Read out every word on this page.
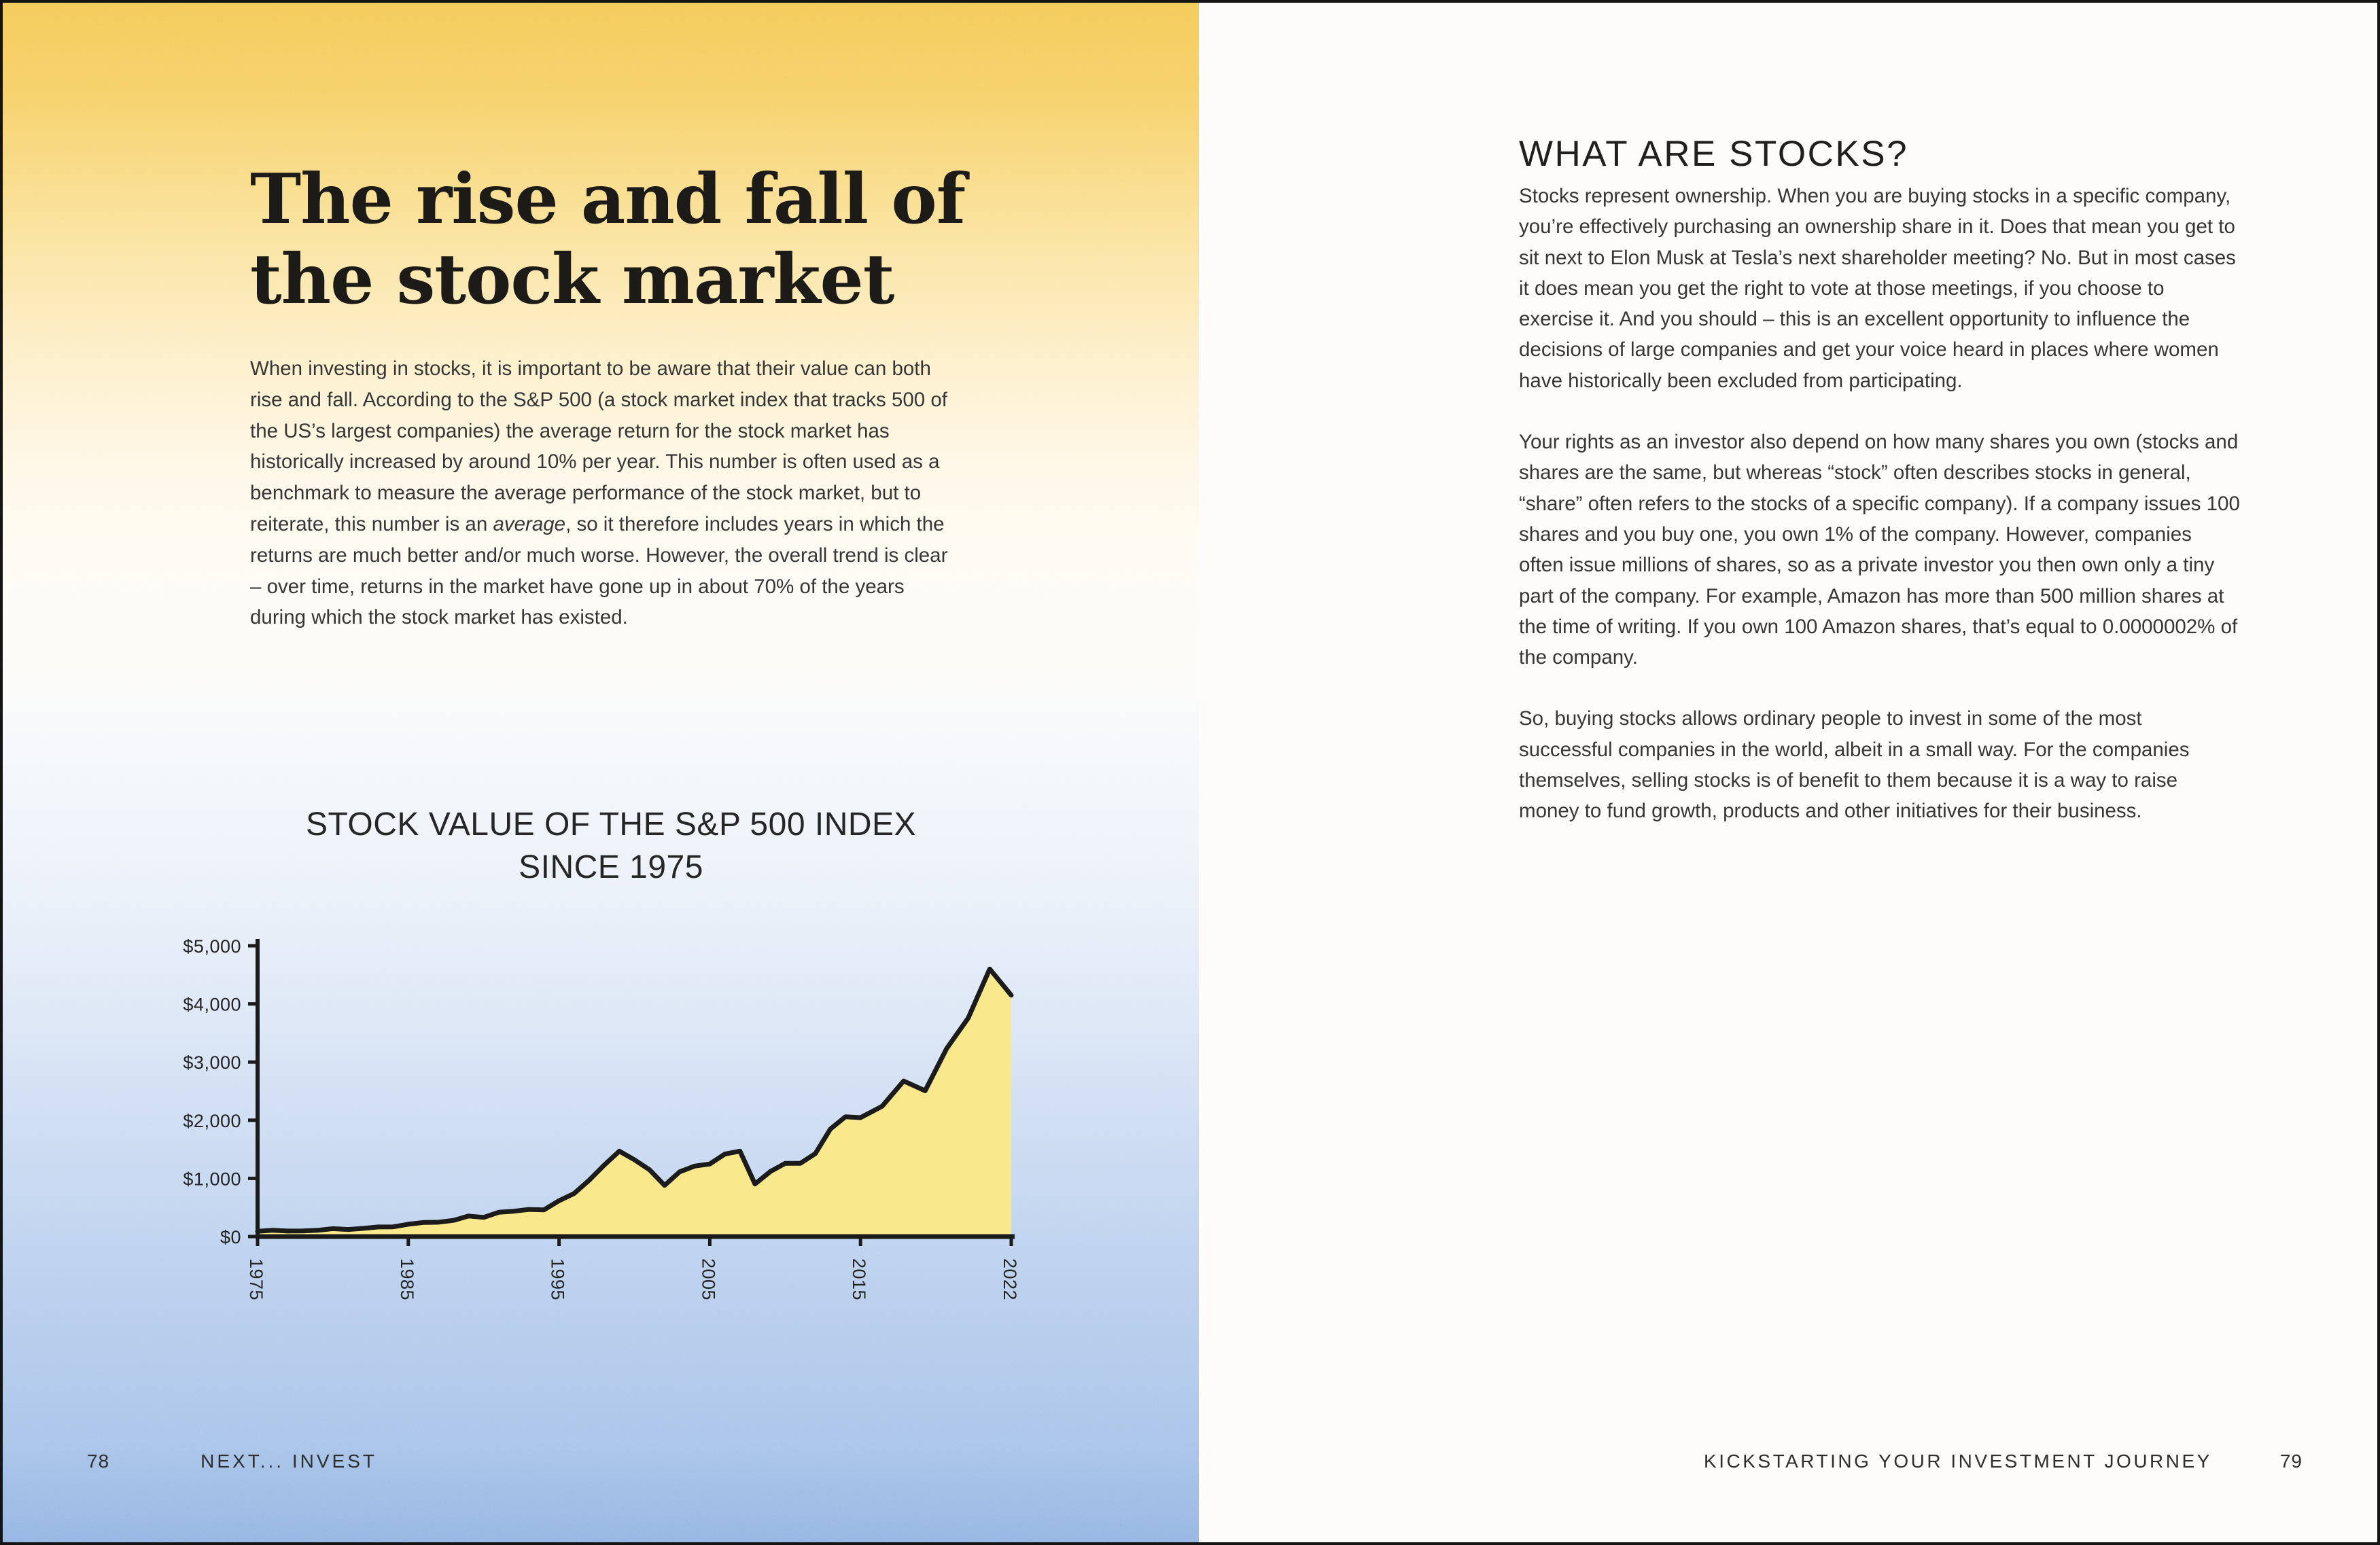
The rise and fall of
the stock market
When investing in stocks, it is important to be aware that their value can both rise and fall. According to the S&P 500 (a stock market index that tracks 500 of the US’s largest companies) the average return for the stock market has historically increased by around 10% per year. This number is often used as a benchmark to measure the average performance of the stock market, but to reiterate, this number is an average, so it therefore includes years in which the returns are much better and/or much worse. However, the overall trend is clear – over time, returns in the market have gone up in about 70% of the years during which the stock market has existed.
STOCK VALUE OF THE S&P 500 INDEX
SINCE 1975
$0
$1,000
$2,000
$3,000
$4,000
$5,000
1975	1985	1995	2005	2015	2022
78	NEXT... INVEST
WHAT ARE STOCKS?

Stocks represent ownership. When you are buying stocks in a specific company, you’re effectively purchasing an ownership share in it. Does that mean you get to sit next to Elon Musk at Tesla’s next shareholder meeting? No. But in most cases it does mean you get the right to vote at those meetings, if you choose to exercise it. And you should – this is an excellent opportunity to influence the decisions of large companies and get your voice heard in places where women have historically been excluded from participating.

Your rights as an investor also depend on how many shares you own (stocks and shares are the same, but whereas “stock” often describes stocks in general, “share” often refers to the stocks of a specific company). If a company issues 100 shares and you buy one, you own 1% of the company. However, companies often issue millions of shares, so as a private investor you then own only a tiny part of the company. For example, Amazon has more than 500 million shares at the time of writing. If you own 100 Amazon shares, that’s equal to 0.0000002% of the company.

So, buying stocks allows ordinary people to invest in some of the most successful companies in the world, albeit in a small way. For the companies themselves, selling stocks is of benefit to them because it is a way to raise money to fund growth, products and other initiatives for their business.

KICKSTARTING YOUR INVESTMENT JOURNEY	79
